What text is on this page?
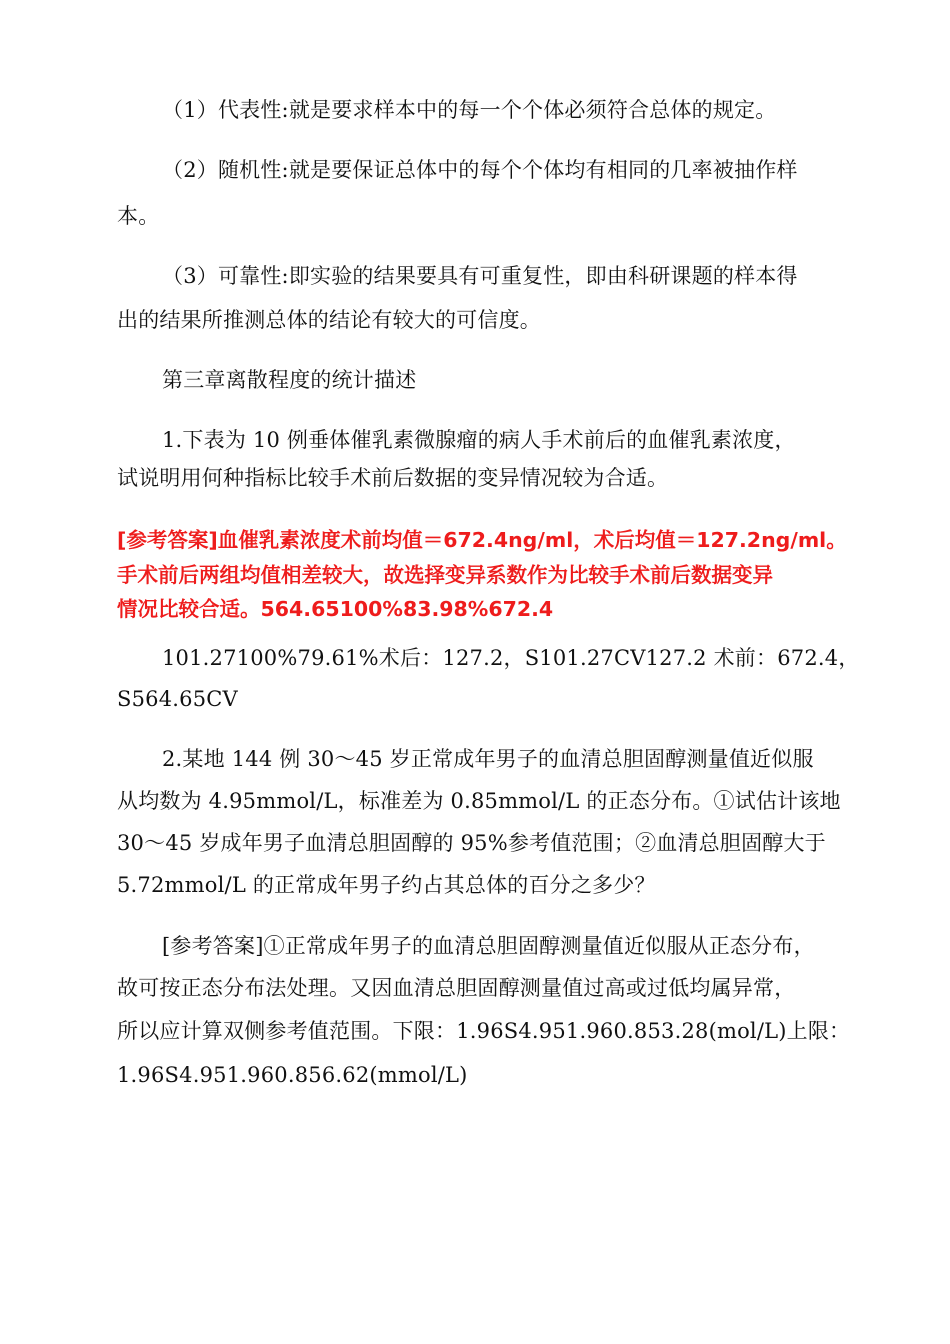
（1）代表性:就是要求样本中的每一个个体必须符合总体的规定。
（2）随机性:就是要保证总体中的每个个体均有相同的几率被抽作样
本。
（3）可靠性:即实验的结果要具有可重复性，即由科研课题的样本得
出的结果所推测总体的结论有较大的可信度。
第三章离散程度的统计描述
1.下表为 10 例垂体催乳素微腺瘤的病人手术前后的血催乳素浓度，
试说明用何种指标比较手术前后数据的变异情况较为合适。
[参考答案]血催乳素浓度术前均值＝672.4ng/ml，术后均值＝127.2ng/ml。
手术前后两组均值相差较大，故选择变异系数作为比较手术前后数据变异
情况比较合适。564.65100%83.98%672.4
101.27100%79.61%术后：127.2，S101.27CV127.2 术前：672.4，
S564.65CV
2.某地 144 例 30～45 岁正常成年男子的血清总胆固醇测量值近似服
从均数为 4.95mmol/L，标准差为 0.85mmol/L 的正态分布。①试估计该地
30～45 岁成年男子血清总胆固醇的 95%参考值范围；②血清总胆固醇大于
5.72mmol/L 的正常成年男子约占其总体的百分之多少？
[参考答案]①正常成年男子的血清总胆固醇测量值近似服从正态分布，
故可按正态分布法处理。又因血清总胆固醇测量值过高或过低均属异常，
所以应计算双侧参考值范围。下限：1.96S4.951.960.853.28(mol/L)上限：
1.96S4.951.960.856.62(mmol/L)
